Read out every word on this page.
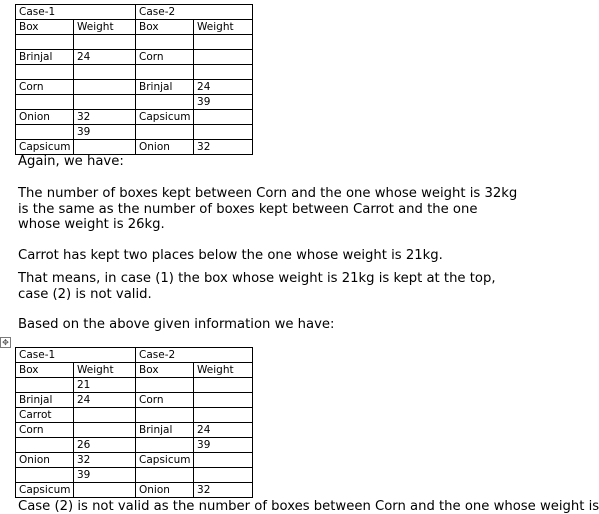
Case-1		Case-2	
Box	Weight	Box	Weight

Brinjal	24	Corn	

Corn		Brinjal	24
			39
Onion	32	Capsicum	
	39		
Capsicum		Onion	32

Again, we have:

The number of boxes kept between Corn and the one whose weight is 32kg is the same as the number of boxes kept between Carrot and the one whose weight is 26kg.

Carrot has kept two places below the one whose weight is 21kg.

That means, in case (1) the box whose weight is 21kg is kept at the top, case (2) is not valid.

Based on the above given information we have:

✥
Case-1		Case-2	
Box	Weight	Box	Weight
	21		
Brinjal	24	Corn	
Carrot			
Corn		Brinjal	24
	26		39
Onion	32	Capsicum	
	39		
Capsicum		Onion	32
Case (2) is not valid as the number of boxes between Corn and the one whose weight is
